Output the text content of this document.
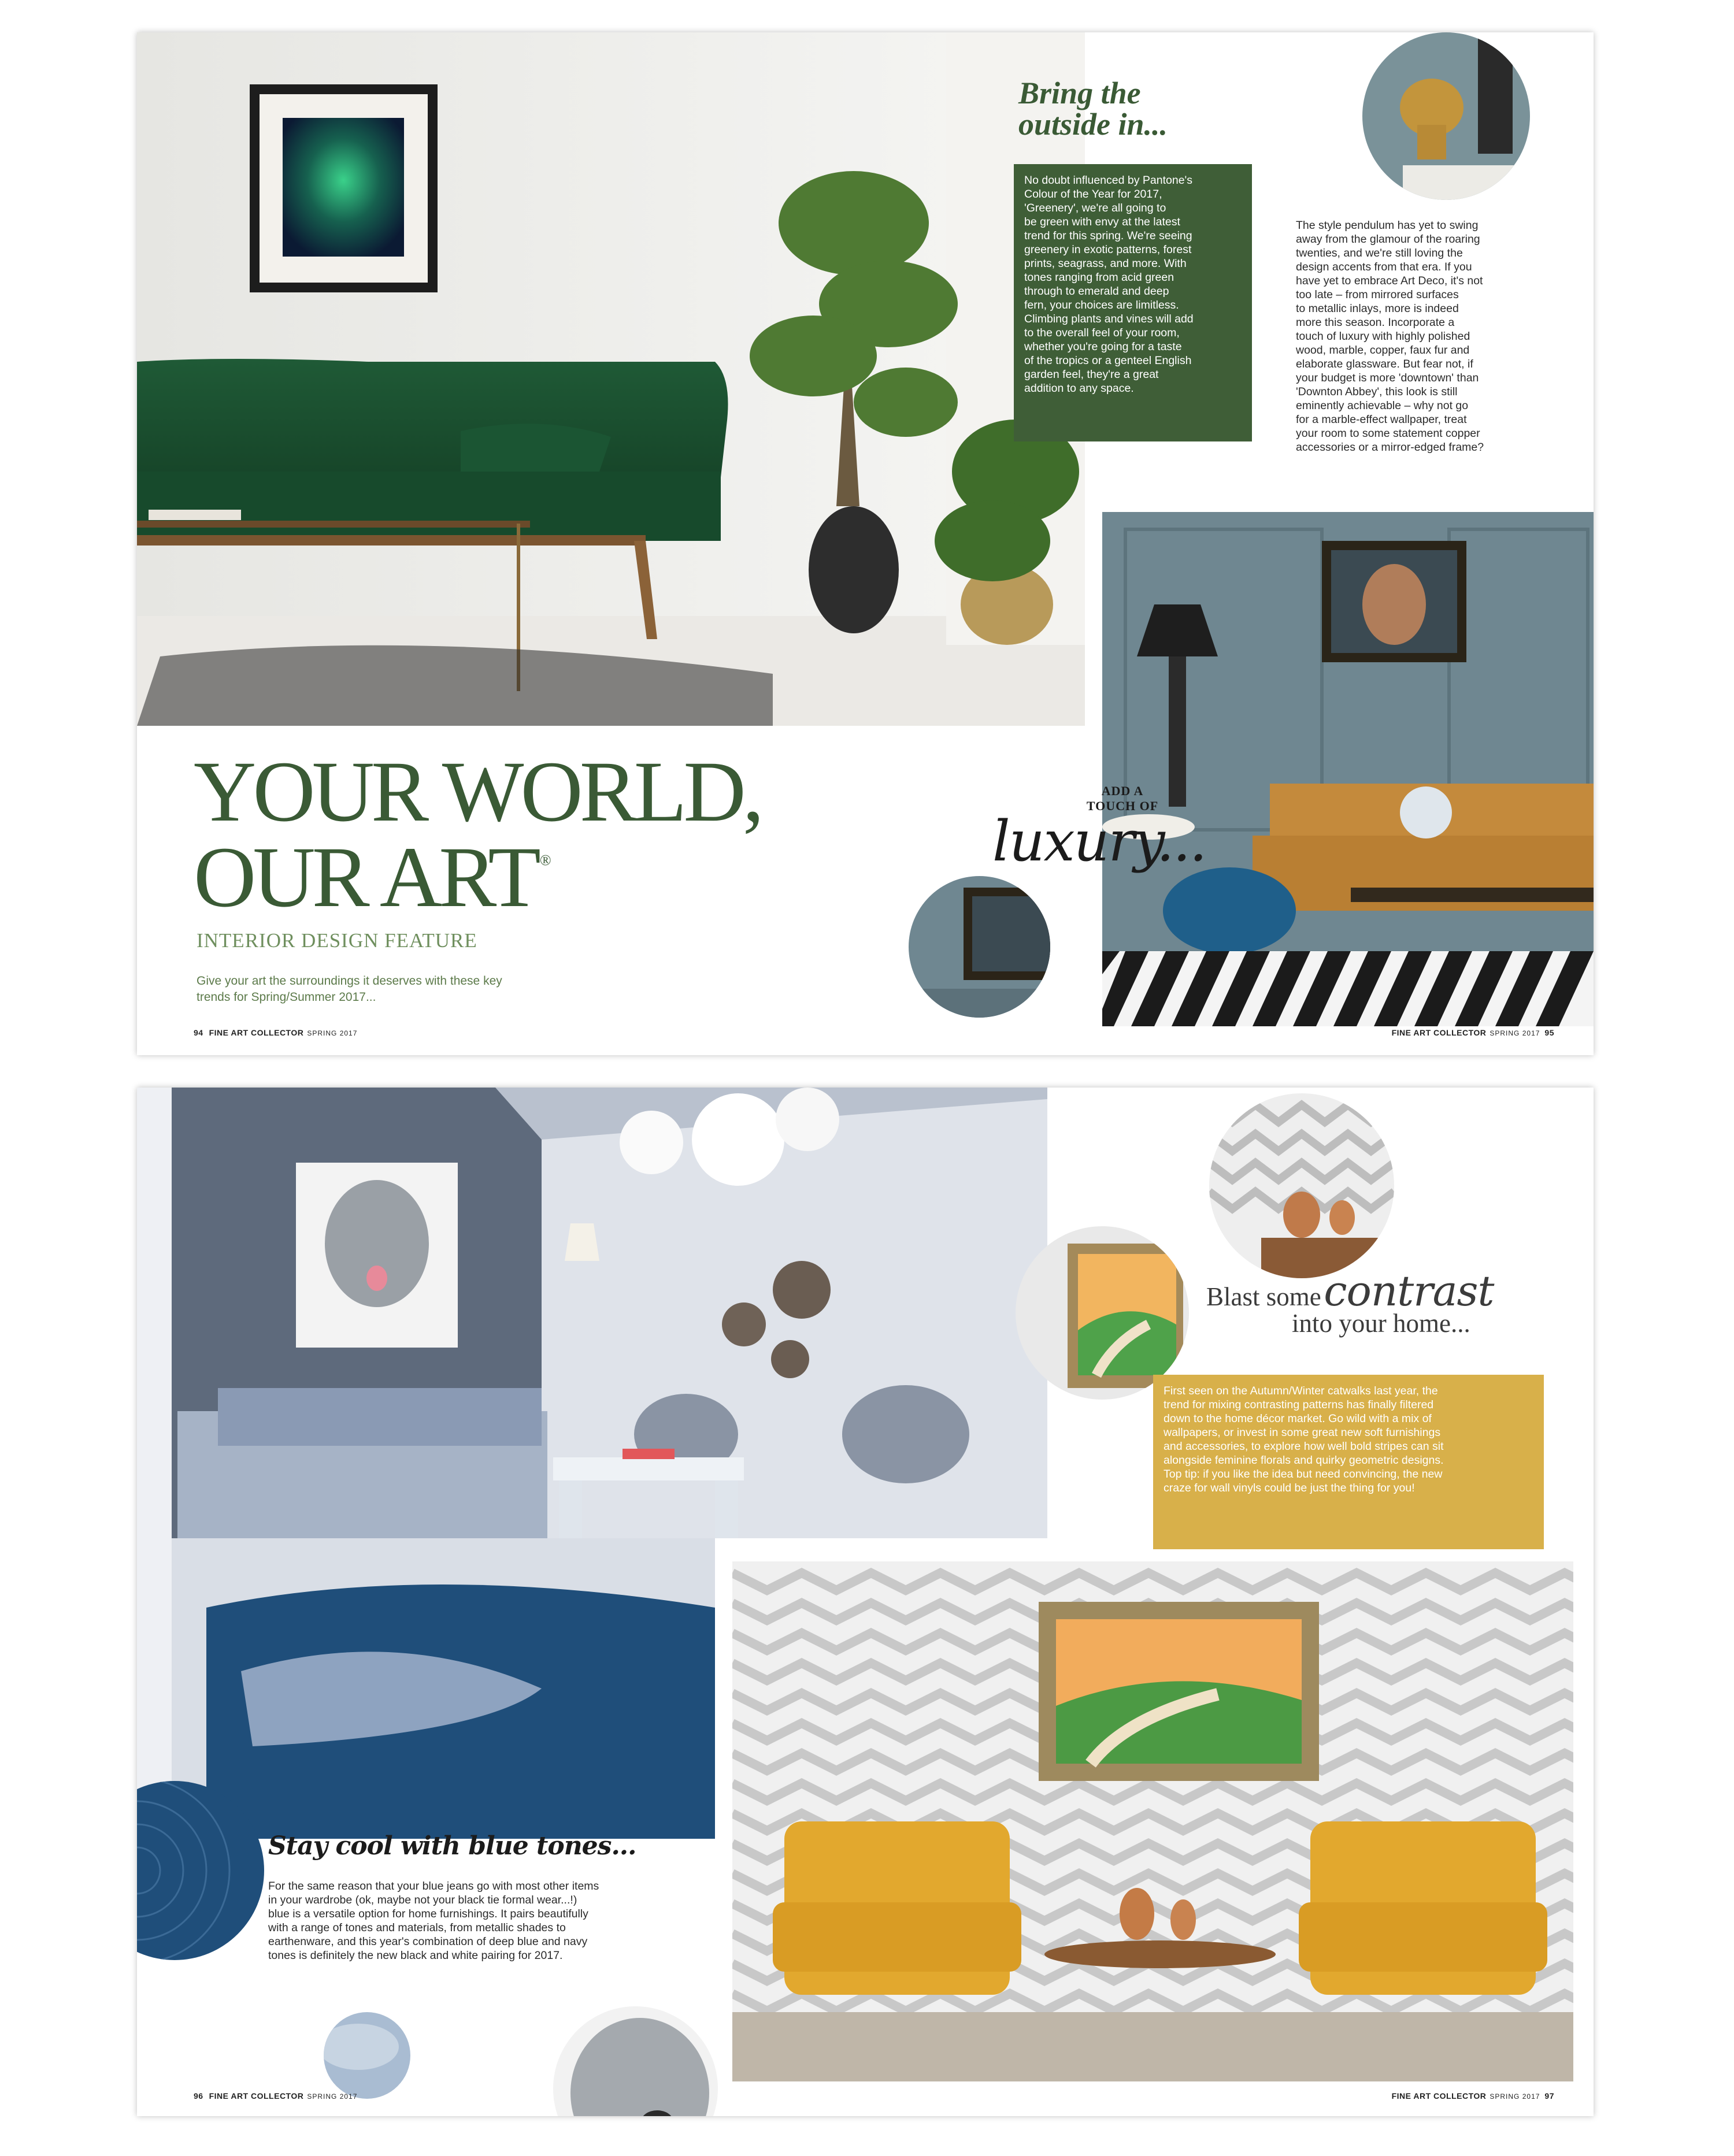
Bring the
outside in...
No doubt influenced by Pantone's
Colour of the Year for 2017,
'Greenery', we're all going to
be green with envy at the latest
trend for this spring. We're seeing
greenery in exotic patterns, forest
prints, seagrass, and more. With
tones ranging from acid green
through to emerald and deep
fern, your choices are limitless.
Climbing plants and vines will add
to the overall feel of your room,
whether you're going for a taste
of the tropics or a genteel English
garden feel, they're a great
addition to any space.
The style pendulum has yet to swing
away from the glamour of the roaring
twenties, and we're still loving the
design accents from that era. If you
have yet to embrace Art Deco, it's not
too late – from mirrored surfaces
to metallic inlays, more is indeed
more this season. Incorporate a
touch of luxury with highly polished
wood, marble, copper, faux fur and
elaborate glassware. But fear not, if
your budget is more 'downtown' than
'Downton Abbey', this look is still
eminently achievable – why not go
for a marble-effect wallpaper, treat
your room to some statement copper
accessories or a mirror-edged frame?
ADD A
TOUCH OF
luxury...
YOUR WORLD,
OUR ART ®
INTERIOR DESIGN FEATURE
Give your art the surroundings it deserves with these key
trends for Spring/Summer 2017...
94 FINE ART COLLECTOR SPRING 2017	FINE ART COLLECTOR SPRING 2017 95
Blast some contrast
into your home...
First seen on the Autumn/Winter catwalks last year, the
trend for mixing contrasting patterns has finally filtered
down to the home décor market. Go wild with a mix of
wallpapers, or invest in some great new soft furnishings
and accessories, to explore how well bold stripes can sit
alongside feminine florals and quirky geometric designs.
Top tip: if you like the idea but need convincing, the new
craze for wall vinyls could be just the thing for you!
Stay cool with blue tones...
For the same reason that your blue jeans go with most other items
in your wardrobe (ok, maybe not your black tie formal wear...!)
blue is a versatile option for home furnishings. It pairs beautifully
with a range of tones and materials, from metallic shades to
earthenware, and this year's combination of deep blue and navy
tones is definitely the new black and white pairing for 2017.
96 FINE ART COLLECTOR SPRING 2017	FINE ART COLLECTOR SPRING 2017 97
